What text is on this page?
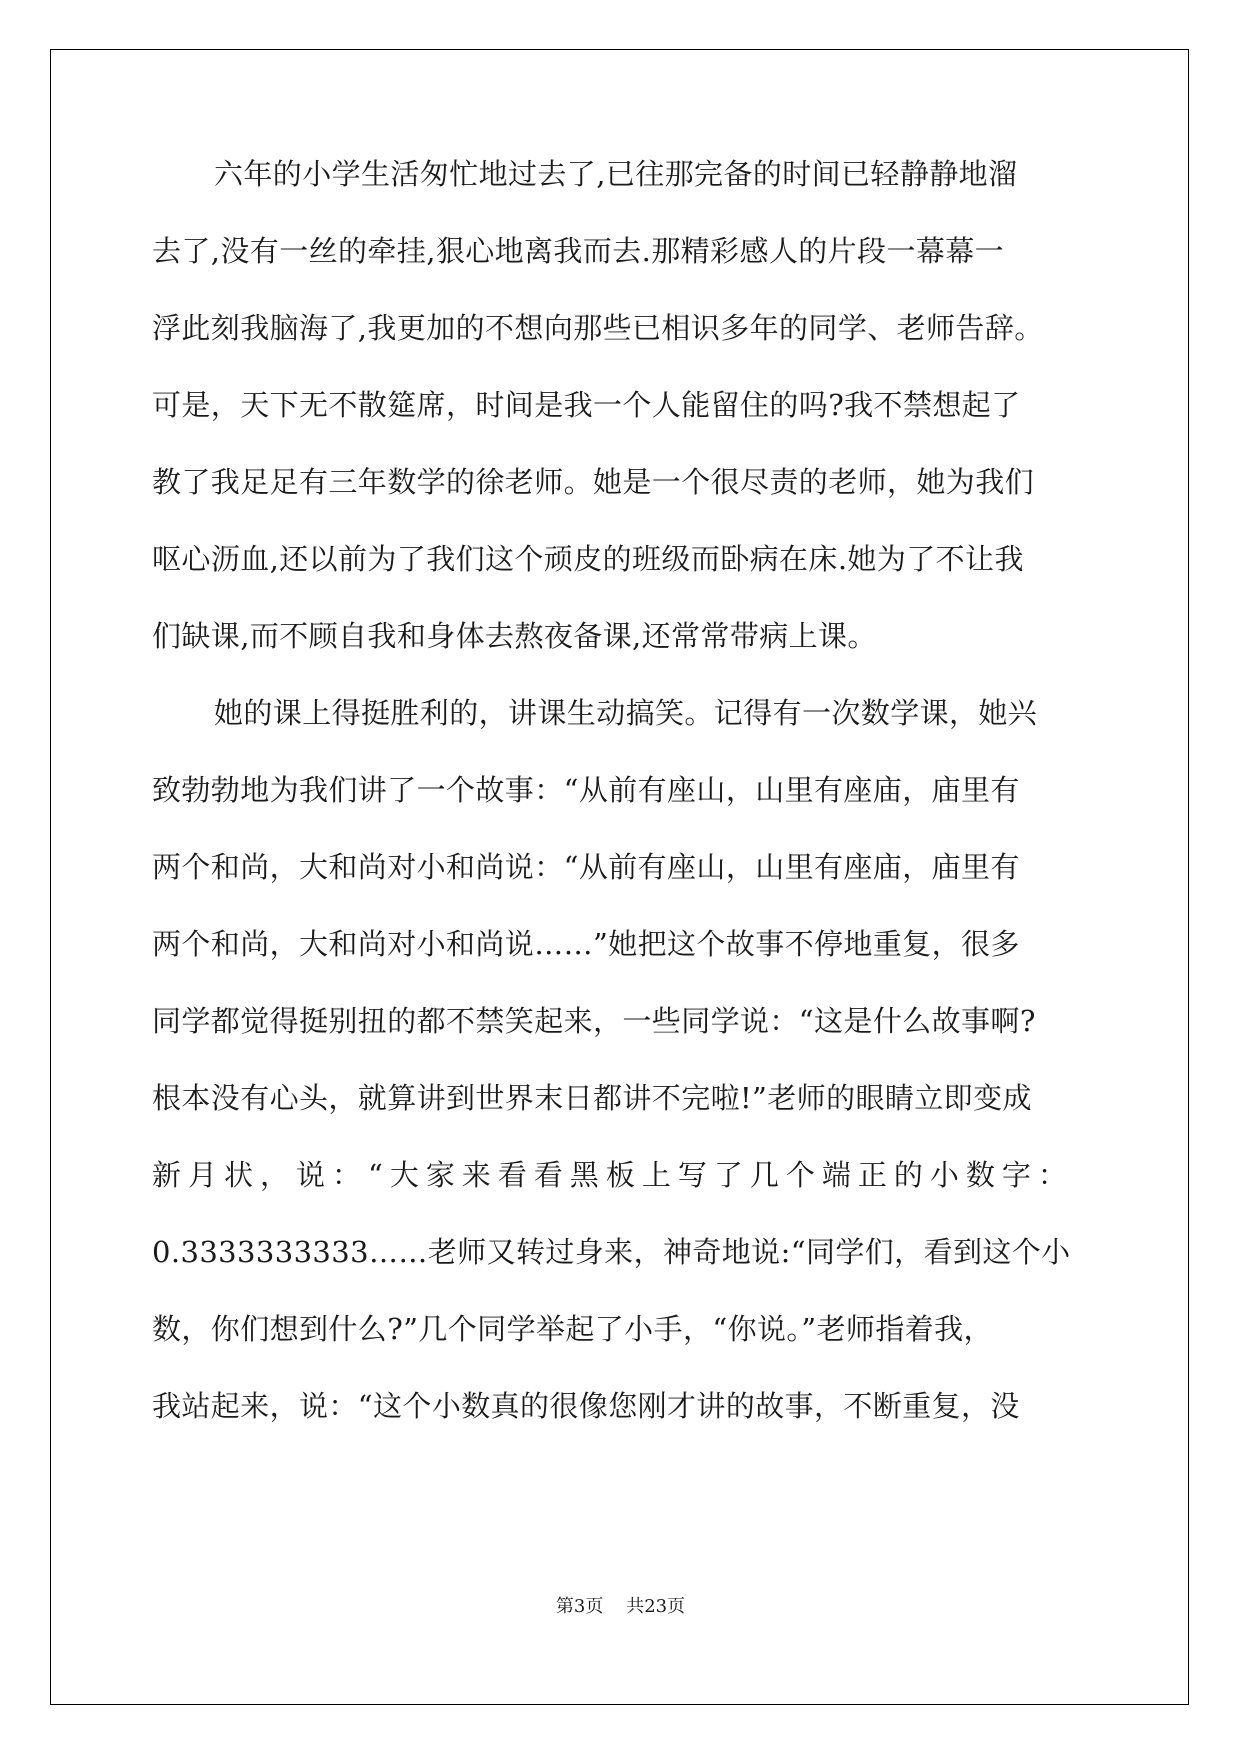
六年的小学生活匆忙地过去了,已往那完备的时间已轻静静地溜
去了,没有一丝的牵挂,狠心地离我而去.那精彩感人的片段一幕幕一
浮此刻我脑海了,我更加的不想向那些已相识多年的同学、老师告辞。
可是，天下无不散筵席，时间是我一个人能留住的吗?我不禁想起了
教了我足足有三年数学的徐老师。她是一个很尽责的老师，她为我们
呕心沥血,还以前为了我们这个顽皮的班级而卧病在床.她为了不让我
们缺课,而不顾自我和身体去熬夜备课,还常常带病上课。
她的课上得挺胜利的，讲课生动搞笑。记得有一次数学课，她兴
致勃勃地为我们讲了一个故事：“从前有座山，山里有座庙，庙里有
两个和尚，大和尚对小和尚说：“从前有座山，山里有座庙，庙里有
两个和尚，大和尚对小和尚说……”她把这个故事不停地重复，很多
同学都觉得挺别扭的都不禁笑起来，一些同学说：“这是什么故事啊?
根本没有心头，就算讲到世界末日都讲不完啦!”老师的眼睛立即变成
新月状，说：“大家来看看黑板上写了几个端正的小数字：
0.3333333333……老师又转过身来，神奇地说:“同学们，看到这个小
数，你们想到什么?”几个同学举起了小手，“你说。”老师指着我，
我站起来，说：“这个小数真的很像您刚才讲的故事，不断重复，没
第3页 共23页
